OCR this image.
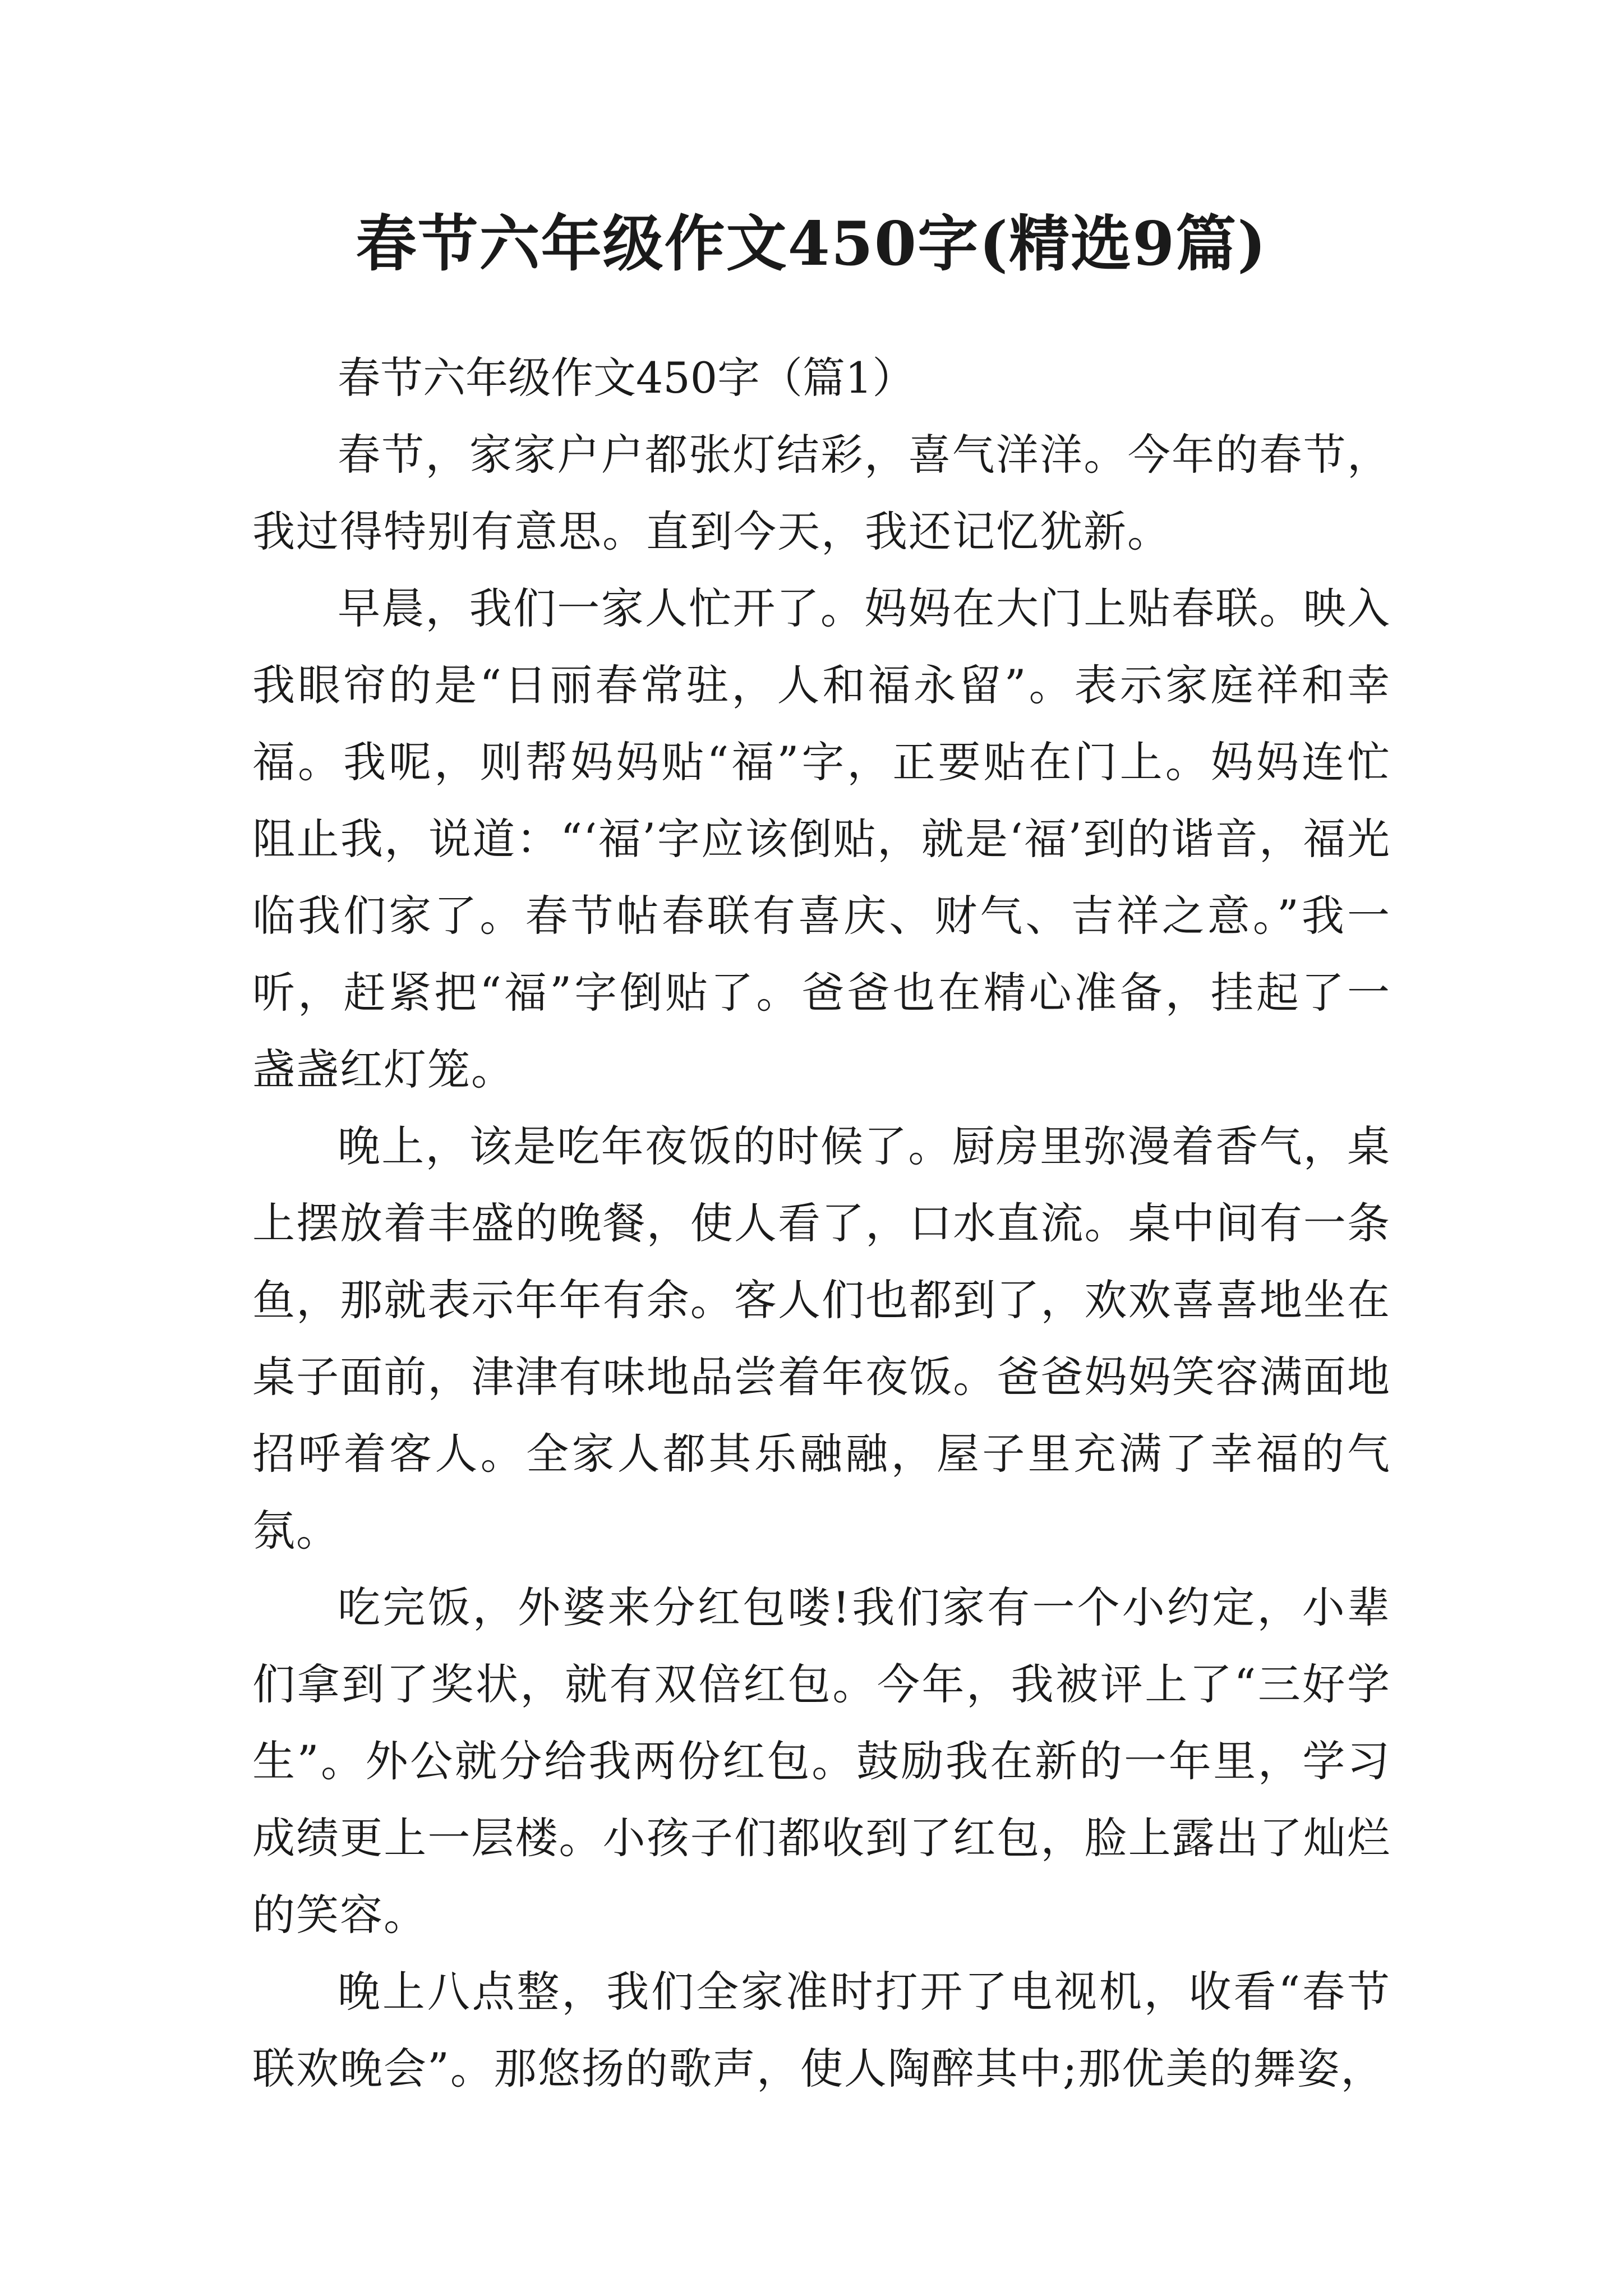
春节六年级作文450字(精选9篇)

春节六年级作文450字（篇1）

春节，家家户户都张灯结彩，喜气洋洋。今年的春节，我过得特别有意思。直到今天，我还记忆犹新。

早晨，我们一家人忙开了。妈妈在大门上贴春联。映入我眼帘的是“日丽春常驻，人和福永留”。表示家庭祥和幸福。我呢，则帮妈妈贴“福”字，正要贴在门上。妈妈连忙阻止我，说道：“‘福’字应该倒贴，就是‘福’到的谐音，福光临我们家了。春节帖春联有喜庆、财气、吉祥之意。”我一听，赶紧把“福”字倒贴了。爸爸也在精心准备，挂起了一盏盏红灯笼。

晚上，该是吃年夜饭的时候了。厨房里弥漫着香气，桌上摆放着丰盛的晚餐，使人看了，口水直流。桌中间有一条鱼，那就表示年年有余。客人们也都到了，欢欢喜喜地坐在桌子面前，津津有味地品尝着年夜饭。爸爸妈妈笑容满面地招呼着客人。全家人都其乐融融，屋子里充满了幸福的气氛。

吃完饭，外婆来分红包喽!我们家有一个小约定，小辈们拿到了奖状，就有双倍红包。今年，我被评上了“三好学生”。外公就分给我两份红包。鼓励我在新的一年里，学习成绩更上一层楼。小孩子们都收到了红包，脸上露出了灿烂的笑容。

晚上八点整，我们全家准时打开了电视机，收看“春节联欢晚会”。那悠扬的歌声，使人陶醉其中;那优美的舞姿，
